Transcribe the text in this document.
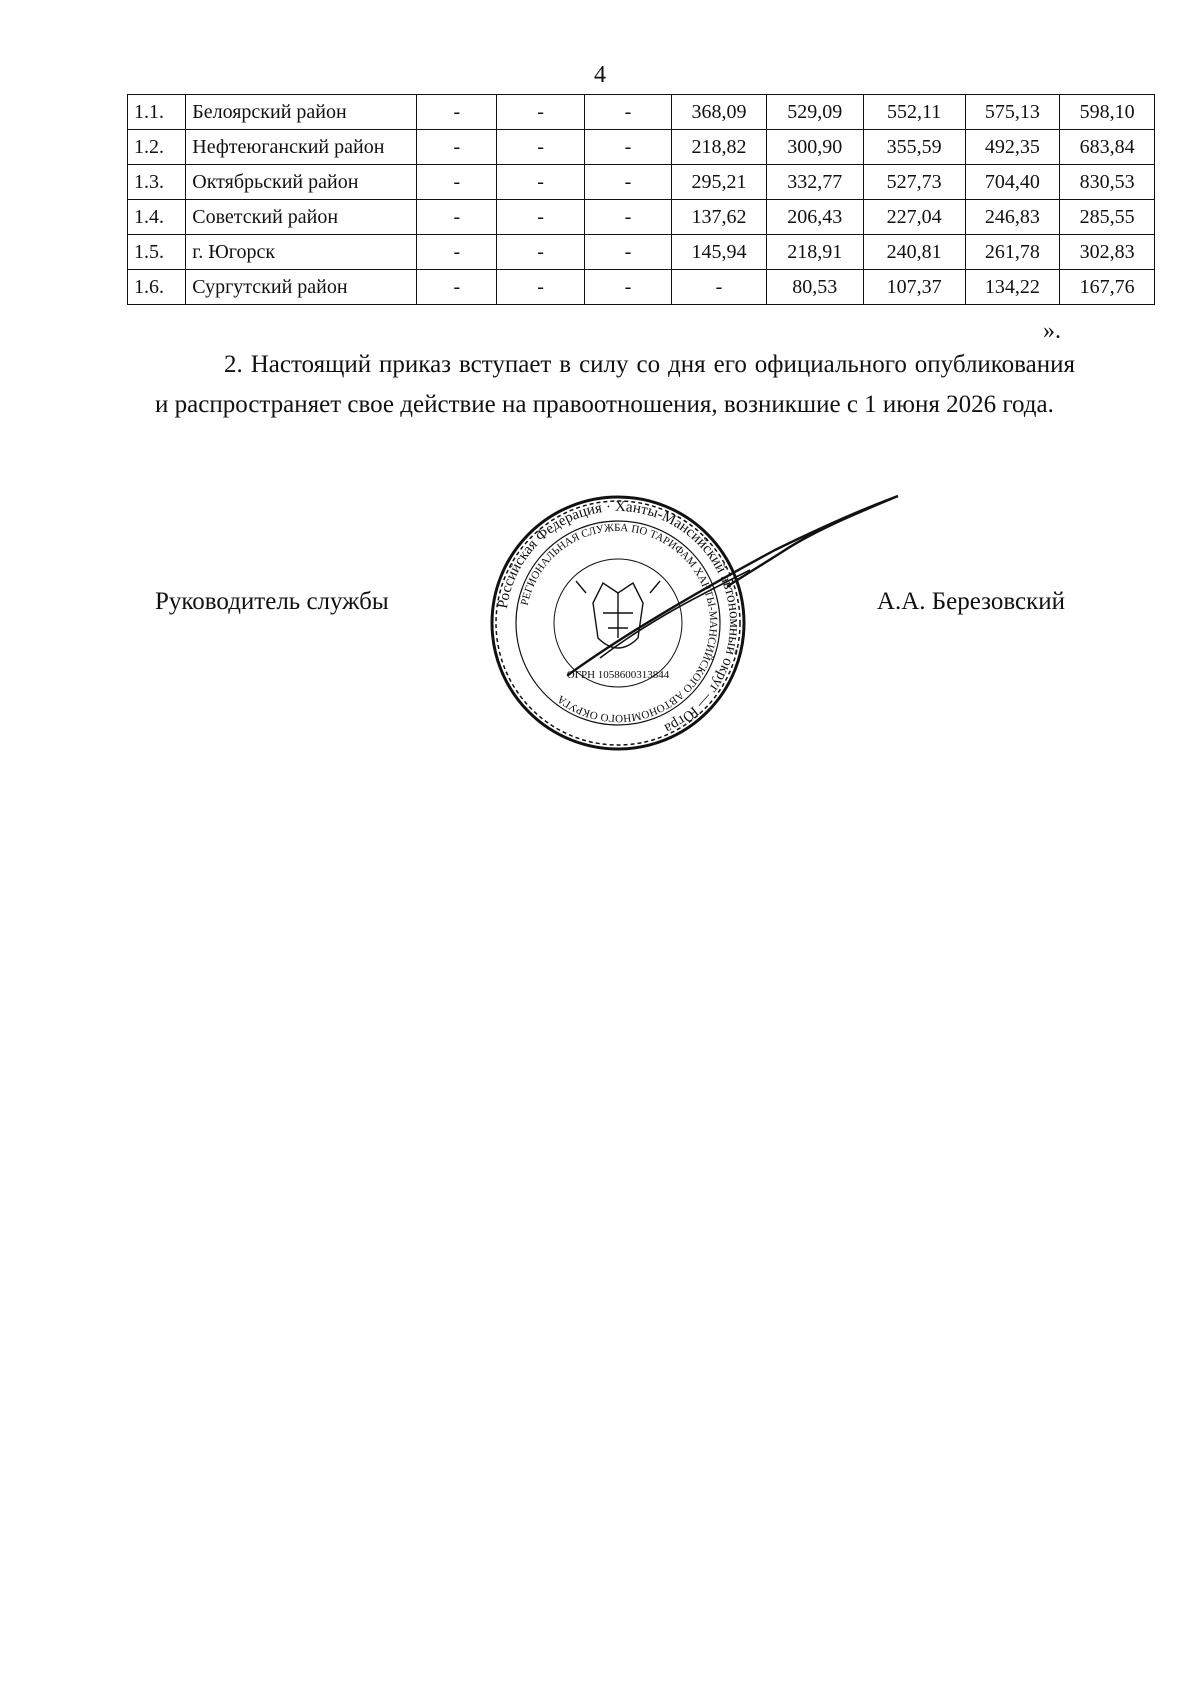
4
1.1.	Белоярский район	-	-	-	368,09	529,09	552,11	575,13	598,10
1.2.	Нефтеюганский район	-	-	-	218,82	300,90	355,59	492,35	683,84
1.3.	Октябрьский район	-	-	-	295,21	332,77	527,73	704,40	830,53
1.4.	Советский район	-	-	-	137,62	206,43	227,04	246,83	285,55
1.5.	г. Югорск	-	-	-	145,94	218,91	240,81	261,78	302,83
1.6.	Сургутский район	-	-	-	-	80,53	107,37	134,22	167,76
».
2. Настоящий приказ вступает в силу со дня его официального опубликования и распространяет свое действие на правоотношения, возникшие с 1 июня 2026 года.
Руководитель службы	А.А. Березовский
Российская Федерация · Ханты-Мансийский автономный округ — Югра
РЕГИОНАЛЬНАЯ СЛУЖБА ПО ТАРИФАМ ХАНТЫ-МАНСИЙСКОГО АВТОНОМНОГО ОКРУГА
ОГРН 1058600313844
